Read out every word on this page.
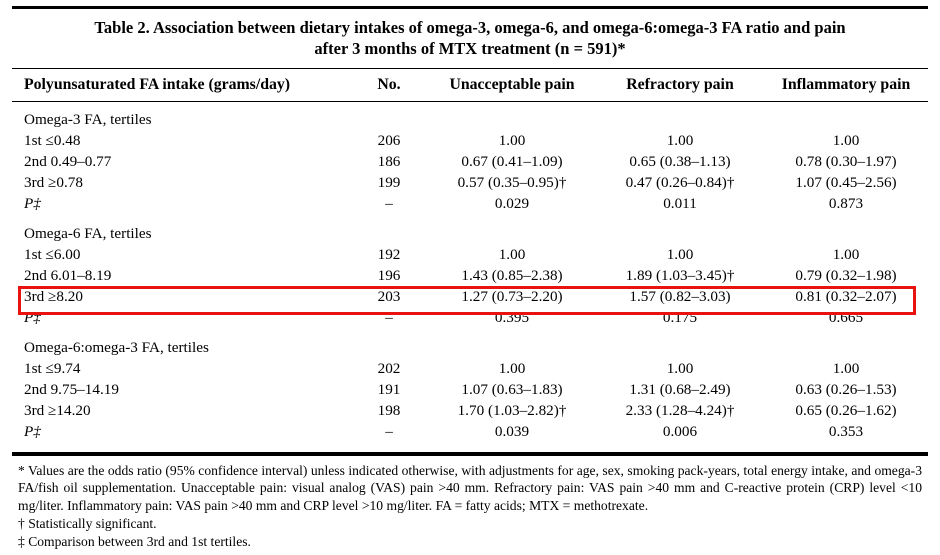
Table 2. Association between dietary intakes of omega-3, omega-6, and omega-6:omega-3 FA ratio and pain
after 3 months of MTX treatment (n = 591)*
Polyunsaturated FA intake (grams/day)	No.	Unacceptable pain	Refractory pain	Inflammatory pain
Omega-3 FA, tertiles				
1st ≤0.48	206	1.00	1.00	1.00
2nd 0.49–0.77	186	0.67 (0.41–1.09)	0.65 (0.38–1.13)	0.78 (0.30–1.97)
3rd ≥0.78	199	0.57 (0.35–0.95)†	0.47 (0.26–0.84)†	1.07 (0.45–2.56)
P‡	–	0.029	0.011	0.873

Omega-6 FA, tertiles				
1st ≤6.00	192	1.00	1.00	1.00
2nd 6.01–8.19	196	1.43 (0.85–2.38)	1.89 (1.03–3.45)†	0.79 (0.32–1.98)
3rd ≥8.20	203	1.27 (0.73–2.20)	1.57 (0.82–3.03)	0.81 (0.32–2.07)
P‡	–	0.395	0.175	0.665

Omega-6:omega-3 FA, tertiles				
1st ≤9.74	202	1.00	1.00	1.00
2nd 9.75–14.19	191	1.07 (0.63–1.83)	1.31 (0.68–2.49)	0.63 (0.26–1.53)
3rd ≥14.20	198	1.70 (1.03–2.82)†	2.33 (1.28–4.24)†	0.65 (0.26–1.62)
P‡	–	0.039	0.006	0.353

* Values are the odds ratio (95% confidence interval) unless indicated otherwise, with adjustments for age, sex, smoking pack-years, total energy intake, and omega-3 FA/fish oil supplementation. Unacceptable pain: visual analog (VAS) pain >40 mm. Refractory pain: VAS pain >40 mm and C-reactive protein (CRP) level <10 mg/liter. Inflammatory pain: VAS pain >40 mm and CRP level >10 mg/liter. FA = fatty acids; MTX = methotrexate.

† Statistically significant.

‡ Comparison between 3rd and 1st tertiles.
